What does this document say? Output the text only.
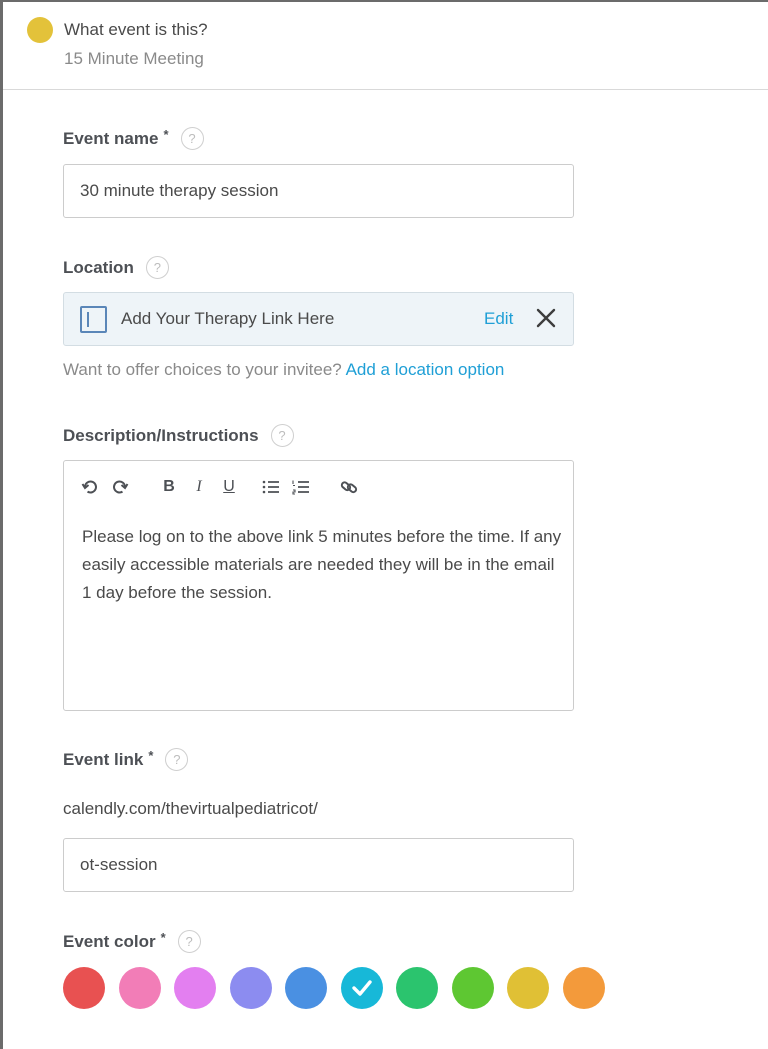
What event is this?
15 Minute Meeting
Event name *	?
30 minute therapy session
Location	?
Add Your Therapy Link Here	Edit
Want to offer choices to your invitee? Add a location option
Description/Instructions	?
B	I	U
Please log on to the above link 5 minutes before the time. If any easily accessible materials are needed they will be in the email 1 day before the session.
Event link *	?
calendly.com/thevirtualpediatricot/
ot-session
Event color *	?
